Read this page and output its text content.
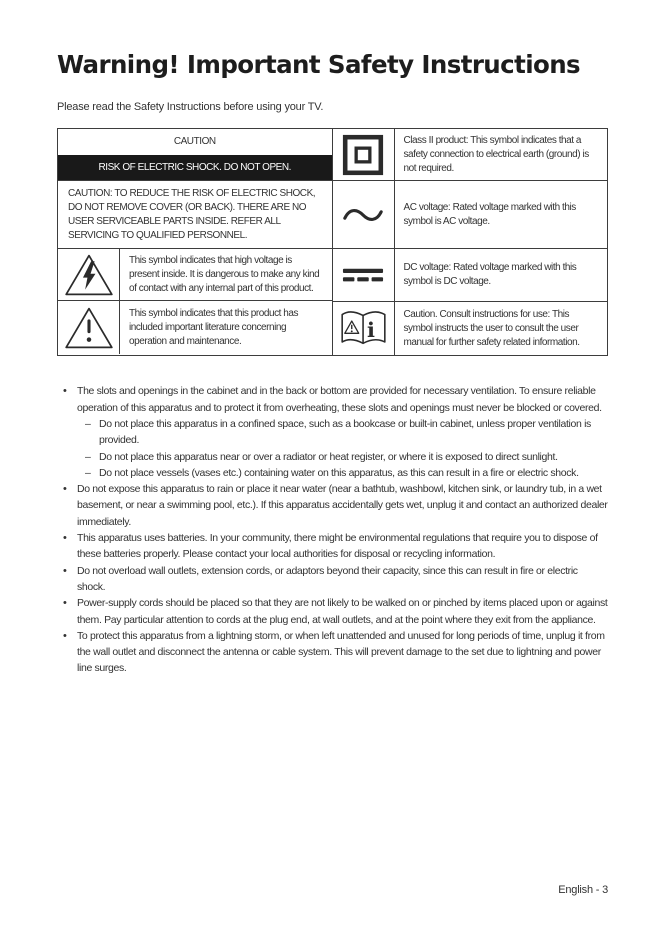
Warning! Important Safety Instructions

Please read the Safety Instructions before using your TV.

CAUTION
RISK OF ELECTRIC SHOCK. DO NOT OPEN.
CAUTION: TO REDUCE THE RISK OF ELECTRIC SHOCK, DO NOT REMOVE COVER (OR BACK). THERE ARE NO USER SERVICEABLE PARTS INSIDE. REFER ALL SERVICING TO QUALIFIED PERSONNEL.
This symbol indicates that high voltage is present inside. It is dangerous to make any kind of contact with any internal part of this product.
This symbol indicates that this product has included important literature concerning operation and maintenance.
Class II product: This symbol indicates that a safety connection to electrical earth (ground) is not required.
AC voltage: Rated voltage marked with this symbol is AC voltage.
DC voltage: Rated voltage marked with this symbol is DC voltage.
i
Caution. Consult instructions for use: This symbol instructs the user to consult the user manual for further safety related information.
• The slots and openings in the cabinet and in the back or bottom are provided for necessary ventilation. To ensure reliable operation of this apparatus and to protect it from overheating, these slots and openings must never be blocked or covered.
– Do not place this apparatus in a confined space, such as a bookcase or built-in cabinet, unless proper ventilation is provided.
– Do not place this apparatus near or over a radiator or heat register, or where it is exposed to direct sunlight.
– Do not place vessels (vases etc.) containing water on this apparatus, as this can result in a fire or electric shock.
• Do not expose this apparatus to rain or place it near water (near a bathtub, washbowl, kitchen sink, or laundry tub, in a wet basement, or near a swimming pool, etc.). If this apparatus accidentally gets wet, unplug it and contact an authorized dealer immediately.
• This apparatus uses batteries. In your community, there might be environmental regulations that require you to dispose of these batteries properly. Please contact your local authorities for disposal or recycling information.
• Do not overload wall outlets, extension cords, or adaptors beyond their capacity, since this can result in fire or electric shock.
• Power-supply cords should be placed so that they are not likely to be walked on or pinched by items placed upon or against them. Pay particular attention to cords at the plug end, at wall outlets, and at the point where they exit from the appliance.
• To protect this apparatus from a lightning storm, or when left unattended and unused for long periods of time, unplug it from the wall outlet and disconnect the antenna or cable system. This will prevent damage to the set due to lightning and power line surges.
English - 3
